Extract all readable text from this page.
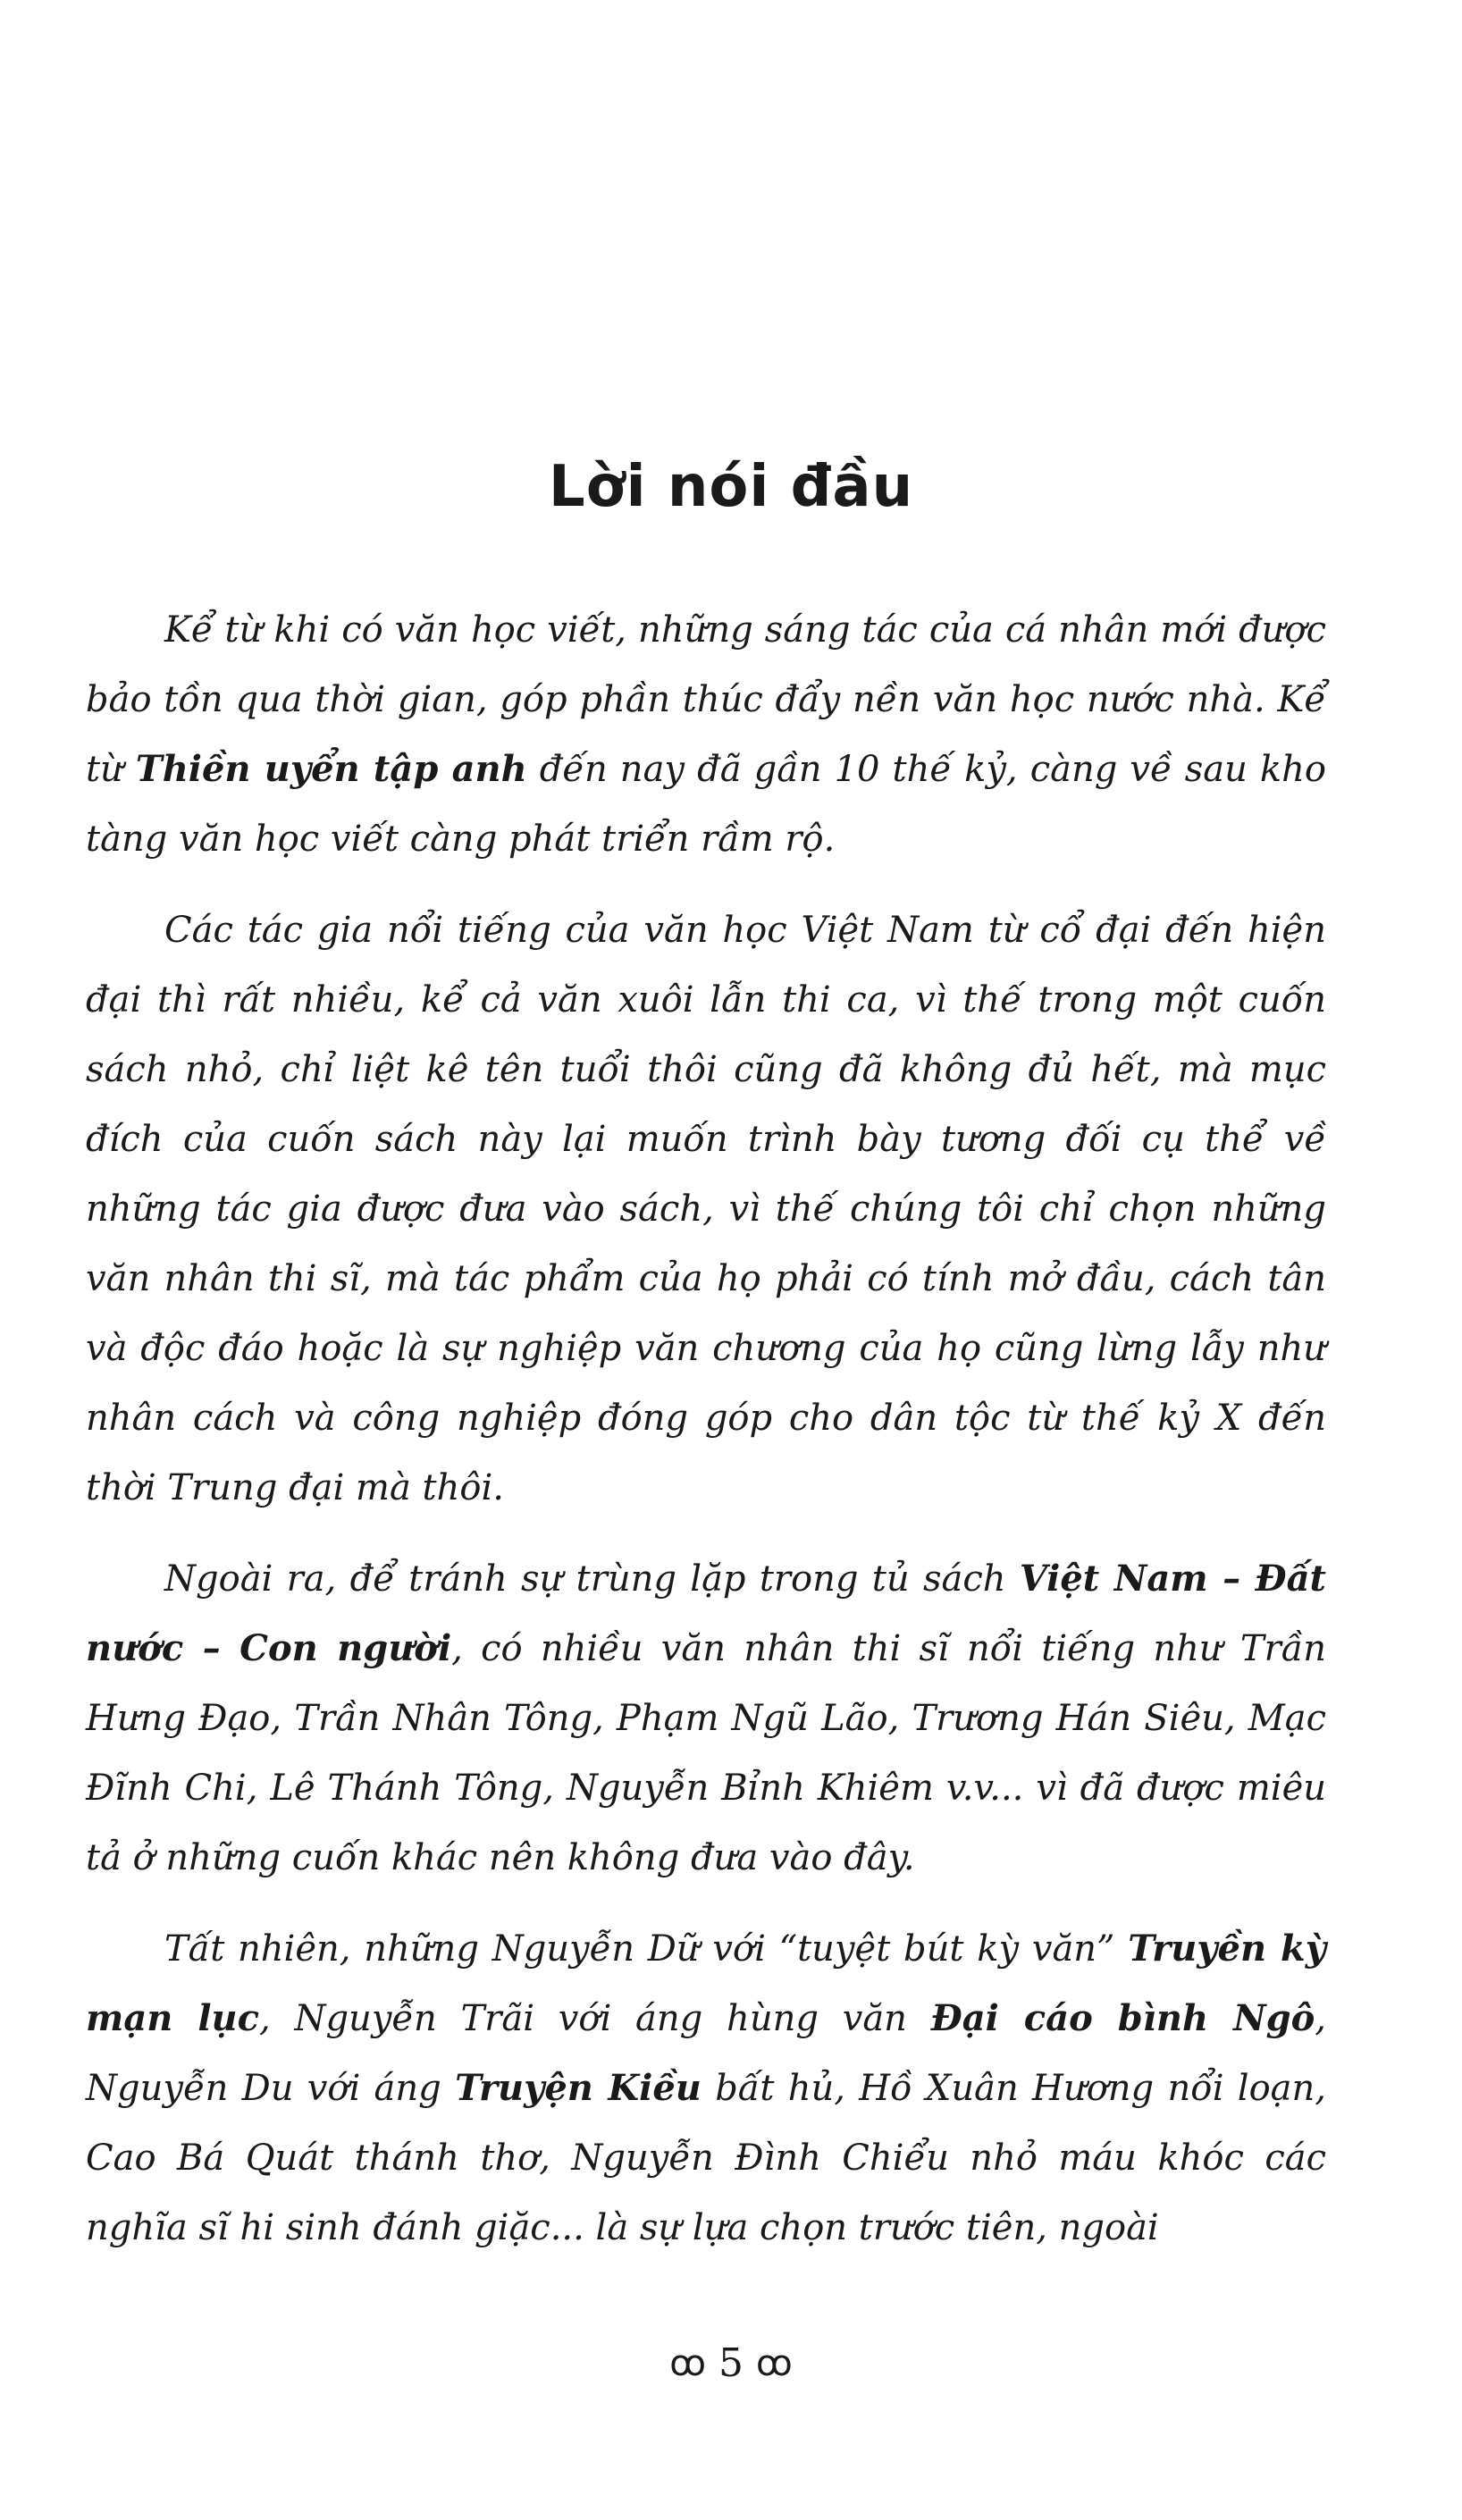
Lời nói đầu

Kể từ khi có văn học viết, những sáng tác của cá nhân mới được bảo tồn qua thời gian, góp phần thúc đẩy nền văn học nước nhà. Kể từ Thiền uyển tập anh đến nay đã gần 10 thế kỷ, càng về sau kho tàng văn học viết càng phát triển rầm rộ.

Các tác gia nổi tiếng của văn học Việt Nam từ cổ đại đến hiện đại thì rất nhiều, kể cả văn xuôi lẫn thi ca, vì thế trong một cuốn sách nhỏ, chỉ liệt kê tên tuổi thôi cũng đã không đủ hết, mà mục đích của cuốn sách này lại muốn trình bày tương đối cụ thể về những tác gia được đưa vào sách, vì thế chúng tôi chỉ chọn những văn nhân thi sĩ, mà tác phẩm của họ phải có tính mở đầu, cách tân và độc đáo hoặc là sự nghiệp văn chương của họ cũng lừng lẫy như nhân cách và công nghiệp đóng góp cho dân tộc từ thế kỷ X đến thời Trung đại mà thôi.

Ngoài ra, để tránh sự trùng lặp trong tủ sách Việt Nam – Đất nước – Con người, có nhiều văn nhân thi sĩ nổi tiếng như Trần Hưng Đạo, Trần Nhân Tông, Phạm Ngũ Lão, Trương Hán Siêu, Mạc Đĩnh Chi, Lê Thánh Tông, Nguyễn Bỉnh Khiêm v.v... vì đã được miêu tả ở những cuốn khác nên không đưa vào đây.

Tất nhiên, những Nguyễn Dữ với “tuyệt bút kỳ văn” Truyền kỳ mạn lục, Nguyễn Trãi với áng hùng văn Đại cáo bình Ngô, Nguyễn Du với áng Truyện Kiều bất hủ, Hồ Xuân Hương nổi loạn, Cao Bá Quát thánh thơ, Nguyễn Đình Chiểu nhỏ máu khóc các nghĩa sĩ hi sinh đánh giặc... là sự lựa chọn trước tiên, ngoài

ꝏ 5 ꝏ
